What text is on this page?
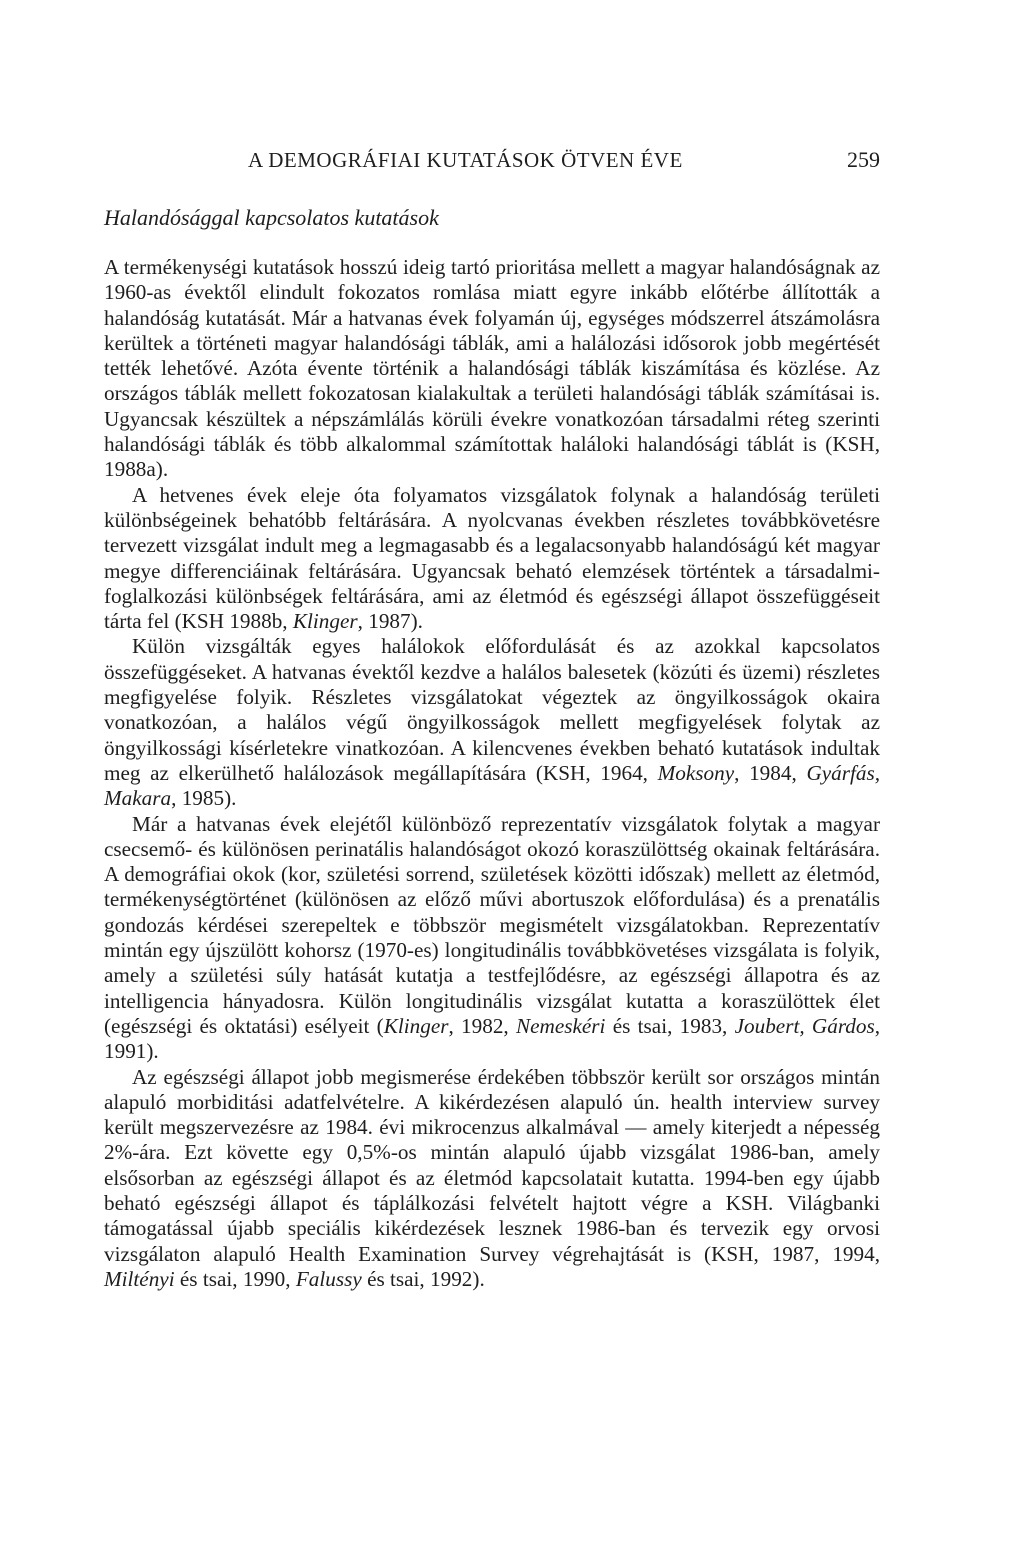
A DEMOGRÁFIAI KUTATÁSOK ÖTVEN ÉVE	259
Halandósággal kapcsolatos kutatások

A termékenységi kutatások hosszú ideig tartó prioritása mellett a magyar halandóságnak az 1960-as évektől elindult fokozatos romlása miatt egyre inkább előtérbe állították a halandóság kutatását. Már a hatvanas évek folyamán új, egységes módszerrel átszámolásra kerültek a történeti magyar halandósági táblák, ami a halálozási idősorok jobb megértését tették lehetővé. Azóta évente történik a halandósági táblák kiszámítása és közlése. Az országos táblák mellett fokozatosan kialakultak a területi halandósági táblák számításai is. Ugyancsak készültek a népszámlálás körüli évekre vonatkozóan társadalmi réteg szerinti halandósági táblák és több alkalommal számítottak haláloki halandósági táblát is (KSH, 1988a).

A hetvenes évek eleje óta folyamatos vizsgálatok folynak a halandóság területi különbségeinek behatóbb feltárására. A nyolcvanas években részletes továbbkövetésre tervezett vizsgálat indult meg a legmagasabb és a legalacsonyabb halandóságú két magyar megye differenciáinak feltárására. Ugyancsak beható elemzések történtek a társadalmi-foglalkozási különbségek feltárására, ami az életmód és egészségi állapot összefüggéseit tárta fel (KSH 1988b, Klinger, 1987).

Külön vizsgálták egyes halálokok előfordulását és az azokkal kapcsolatos összefüggéseket. A hatvanas évektől kezdve a halálos balesetek (közúti és üzemi) részletes megfigyelése folyik. Részletes vizsgálatokat végeztek az öngyilkosságok okaira vonatkozóan, a halálos végű öngyilkosságok mellett megfigyelések folytak az öngyilkossági kísérletekre vinatkozóan. A kilencvenes években beható kutatások indultak meg az elkerülhető halálozások megállapítására (KSH, 1964, Moksony, 1984, Gyárfás, Makara, 1985).

Már a hatvanas évek elejétől különböző reprezentatív vizsgálatok folytak a magyar csecsemő- és különösen perinatális halandóságot okozó koraszülöttség okainak feltárására. A demográfiai okok (kor, születési sorrend, születések közötti időszak) mellett az életmód, termékenységtörténet (különösen az előző művi abortuszok előfordulása) és a prenatális gondozás kérdései szerepeltek e többször megismételt vizsgálatokban. Reprezentatív mintán egy újszülött kohorsz (1970-es) longitudinális továbbkövetéses vizsgálata is folyik, amely a születési súly hatását kutatja a testfejlődésre, az egészségi állapotra és az intelligencia hányadosra. Külön longitudinális vizsgálat kutatta a koraszülöttek élet (egészségi és oktatási) esélyeit (Klinger, 1982, Nemeskéri és tsai, 1983, Joubert, Gárdos, 1991).

Az egészségi állapot jobb megismerése érdekében többször került sor országos mintán alapuló morbiditási adatfelvételre. A kikérdezésen alapuló ún. health interview survey került megszervezésre az 1984. évi mikrocenzus alkalmával — amely kiterjedt a népesség 2%-ára. Ezt követte egy 0,5%-os mintán alapuló újabb vizsgálat 1986-ban, amely elsősorban az egészségi állapot és az életmód kapcsolatait kutatta. 1994-ben egy újabb beható egészségi állapot és táplálkozási felvételt hajtott végre a KSH. Világbanki támogatással újabb speciális kikérdezések lesznek 1986-ban és tervezik egy orvosi vizsgálaton alapuló Health Examination Survey végrehajtását is (KSH, 1987, 1994, Miltényi és tsai, 1990, Falussy és tsai, 1992).
